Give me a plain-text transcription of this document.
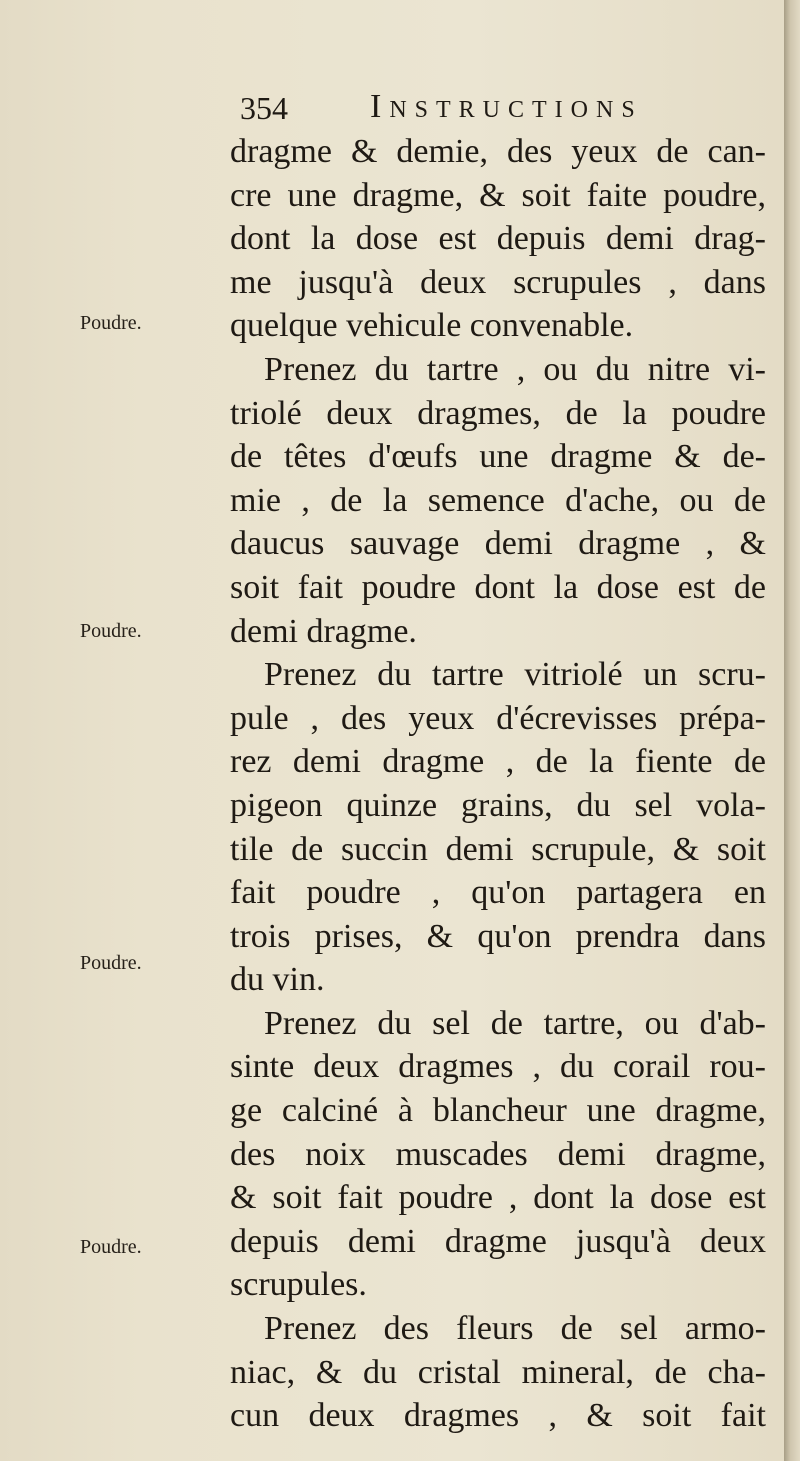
354 Instructions
Poudre.
Poudre.
Poudre.
Poudre.
dragme & demie, des yeux de can-
cre une dragme, & soit faite poudre,
dont la dose est depuis demi drag-
me jusqu'à deux scrupules , dans
quelque vehicule convenable.
Prenez du tartre , ou du nitre vi-
triolé deux dragmes, de la poudre
de têtes d'œufs une dragme & de-
mie , de la semence d'ache, ou de
daucus sauvage demi dragme , &
soit fait poudre dont la dose est de
demi dragme.
Prenez du tartre vitriolé un scru-
pule , des yeux d'écrevisses prépa-
rez demi dragme , de la fiente de
pigeon quinze grains, du sel vola-
tile de succin demi scrupule, & soit
fait poudre , qu'on partagera en
trois prises, & qu'on prendra dans
du vin.
Prenez du sel de tartre, ou d'ab-
sinte deux dragmes , du corail rou-
ge calciné à blancheur une dragme,
des noix muscades demi dragme,
& soit fait poudre , dont la dose est
depuis demi dragme jusqu'à deux
scrupules.
Prenez des fleurs de sel armo-
niac, & du cristal mineral, de cha-
cun deux dragmes , & soit fait
